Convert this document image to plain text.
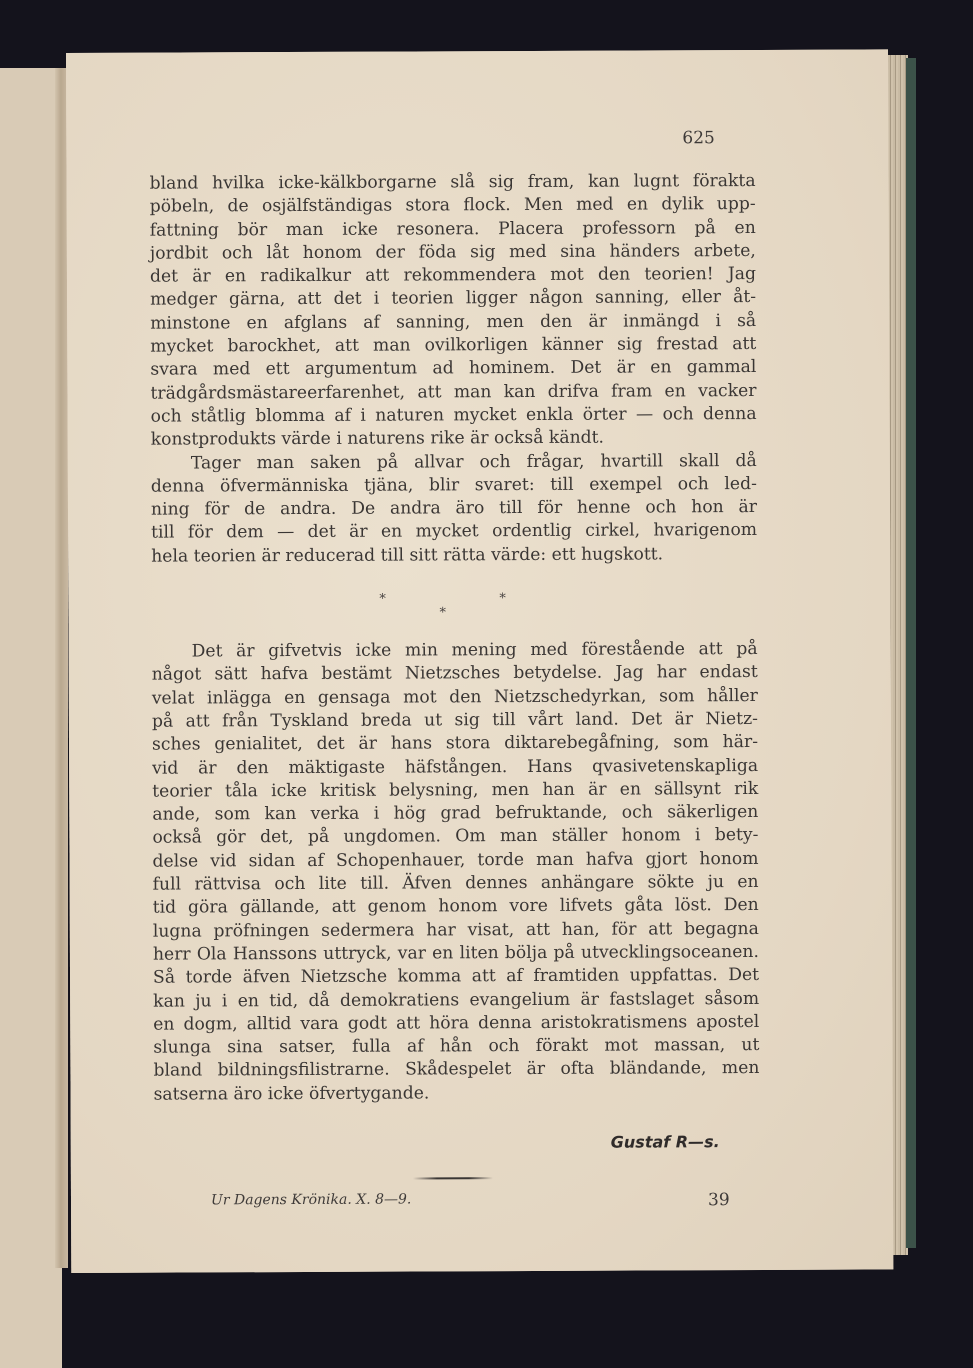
625
bland hvilka icke-kälkborgarne slå sig fram, kan lugnt förakta
pöbeln, de osjälfständigas stora flock. Men med en dylik upp-
fattning bör man icke resonera. Placera professorn på en
jordbit och låt honom der föda sig med sina händers arbete,
det är en radikalkur att rekommendera mot den teorien! Jag
medger gärna, att det i teorien ligger någon sanning, eller åt-
minstone en afglans af sanning, men den är inmängd i så
mycket barockhet, att man ovilkorligen känner sig frestad att
svara med ett argumentum ad hominem. Det är en gammal
trädgårdsmästareerfarenhet, att man kan drifva fram en vacker
och ståtlig blomma af i naturen mycket enkla örter — och denna
konstprodukts värde i naturens rike är också kändt.
Tager man saken på allvar och frågar, hvartill skall då
denna öfvermänniska tjäna, blir svaret: till exempel och led-
ning för de andra. De andra äro till för henne och hon är
till för dem — det är en mycket ordentlig cirkel, hvarigenom
hela teorien är reducerad till sitt rätta värde: ett hugskott.
*
*
*
Det är gifvetvis icke min mening med förestående att på
något sätt hafva bestämt Nietzsches betydelse. Jag har endast
velat inlägga en gensaga mot den Nietzschedyrkan, som håller
på att från Tyskland breda ut sig till vårt land. Det är Nietz-
sches genialitet, det är hans stora diktarebegåfning, som här-
vid är den mäktigaste häfstången. Hans qvasivetenskapliga
teorier tåla icke kritisk belysning, men han är en sällsynt rik
ande, som kan verka i hög grad befruktande, och säkerligen
också gör det, på ungdomen. Om man ställer honom i bety-
delse vid sidan af Schopenhauer, torde man hafva gjort honom
full rättvisa och lite till. Äfven dennes anhängare sökte ju en
tid göra gällande, att genom honom vore lifvets gåta löst. Den
lugna pröfningen sedermera har visat, att han, för att begagna
herr Ola Hanssons uttryck, var en liten bölja på utvecklingsoceanen.
Så torde äfven Nietzsche komma att af framtiden uppfattas. Det
kan ju i en tid, då demokratiens evangelium är fastslaget såsom
en dogm, alltid vara godt att höra denna aristokratismens apostel
slunga sina satser, fulla af hån och förakt mot massan, ut
bland bildningsfilistrarne. Skådespelet är ofta bländande, men
satserna äro icke öfvertygande.
Gustaf R—s.
Ur Dagens Krönika. X. 8—9.	39
